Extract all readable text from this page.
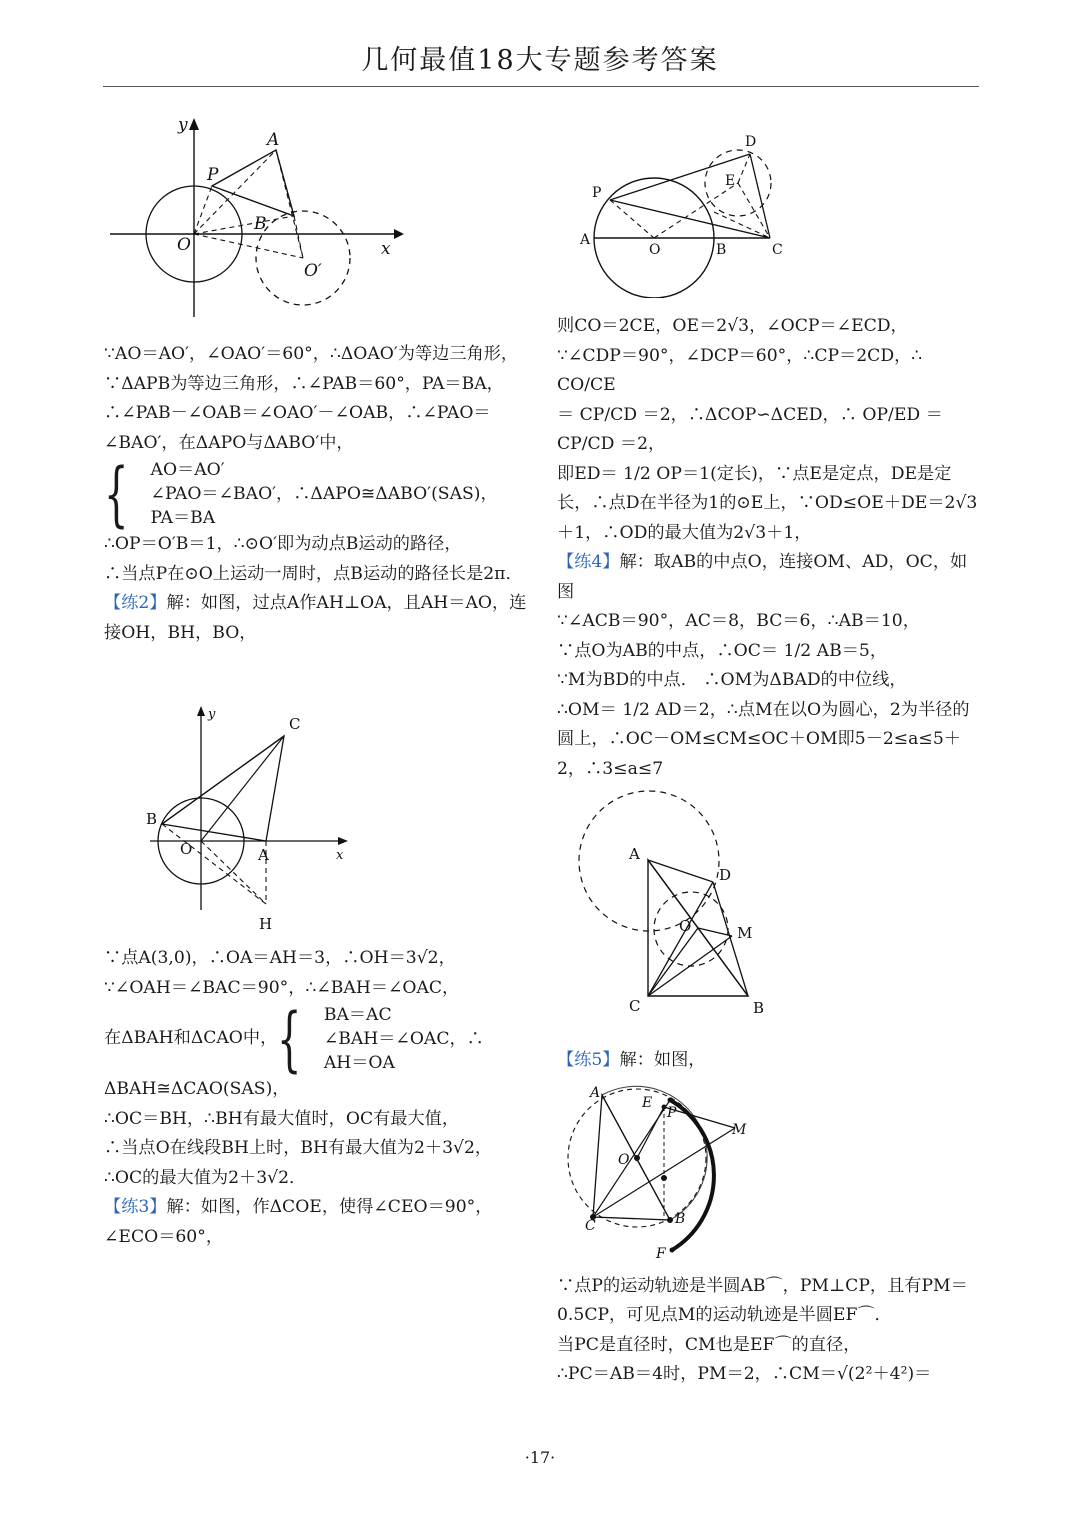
几何最值18大专题参考答案
y
A
P
B
O	x
O′
D
E
P
A
O	B	C
y
C
B
O	A	x
H
A
D
O	M
C	B
A
E
P
M
O
C	B
F

∵AO＝AO′，∠OAO′＝60°，∴ΔOAO′为等边三角形，∵ΔAPB为等边三角形，∴∠PAB＝60°，PA＝BA，∴∠PAB－∠OAB＝∠OAO′－∠OAB，∴∠PAO＝∠BAO′，在ΔAPO与ΔABO′中，

{ AO＝AO′
∠PAO＝∠BAO′，∴ΔAPO≅ΔABO′(SAS)，
PA＝BA

∴OP＝O′B＝1，∴⊙O′即为动点B运动的路径，

∴当点P在⊙O上运动一周时，点B运动的路径长是2π．

【练2】解：如图，过点A作AH⊥OA，且AH＝AO，连接OH，BH，BO，

∵点A(3,0)，∴OA＝AH＝3，∴OH＝3√2，

∵∠OAH＝∠BAC＝90°，∴∠BAH＝∠OAC，

在ΔBAH和ΔCAO中， { BA＝AC
∠BAH＝∠OAC，∴
AH＝OA

ΔBAH≅ΔCAO(SAS)，

∴OC＝BH，∴BH有最大值时，OC有最大值，

∴当点O在线段BH上时，BH有最大值为2＋3√2，

∴OC的最大值为2＋3√2．

【练3】解：如图，作ΔCOE，使得∠CEO＝90°，∠ECO＝60°，

则CO＝2CE，OE＝2√3，∠OCP＝∠ECD，

∵∠CDP＝90°，∠DCP＝60°，∴CP＝2CD，∴ CO/CE

＝ CP/CD ＝2，∴ΔCOP∽ΔCED，∴ OP/ED ＝ CP/CD ＝2，

即ED＝ 1/2 OP＝1(定长)，∵点E是定点，DE是定长，∴点D在半径为1的⊙E上，∵OD≤OE＋DE＝2√3＋1，∴OD的最大值为2√3＋1，

【练4】解：取AB的中点O，连接OM、AD，OC，如图

∵∠ACB＝90°，AC＝8，BC＝6，∴AB＝10，

∵点O为AB的中点，∴OC＝ 1/2 AB＝5，

∵M为BD的中点． ∴OM为ΔBAD的中位线，

∴OM＝ 1/2 AD＝2，∴点M在以O为圆心，2为半径的圆上，∴OC－OM≤CM≤OC＋OM即5－2≤a≤5＋2，∴3≤a≤7

【练5】解：如图，

∵点P的运动轨迹是半圆AB⌒，PM⊥CP，且有PM＝0.5CP，可见点M的运动轨迹是半圆EF⌒．

当PC是直径时，CM也是EF⌒的直径，

∴PC＝AB＝4时，PM＝2，∴CM＝√(2²＋4²)＝

·17·
